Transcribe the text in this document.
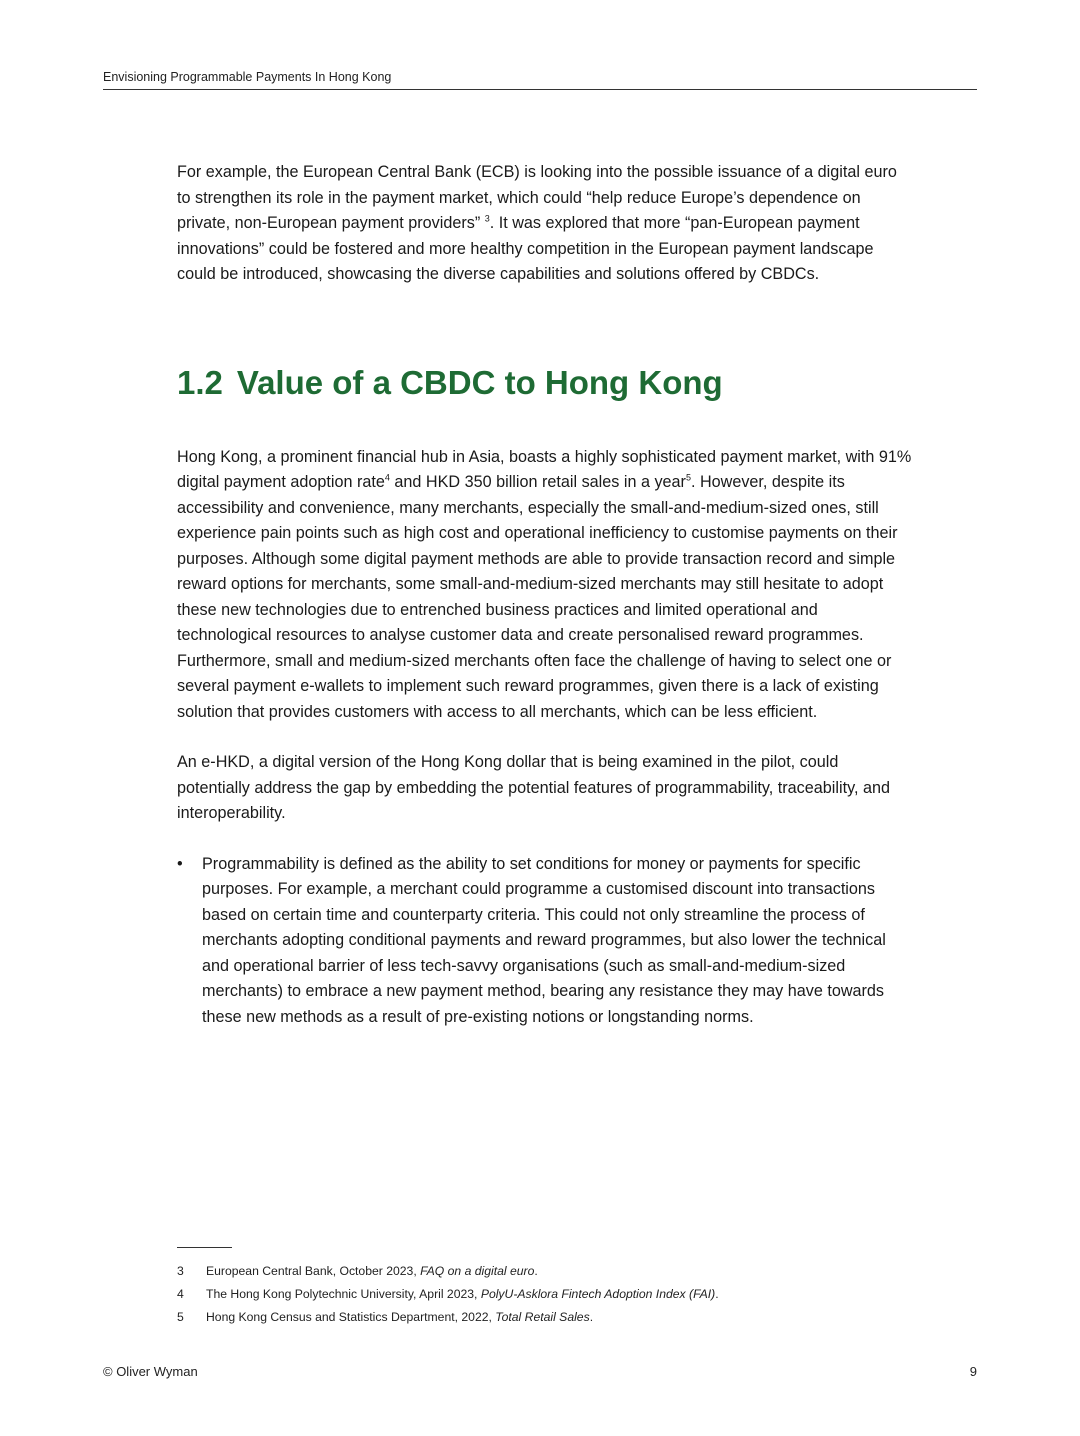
Envisioning Programmable Payments In Hong Kong

For example, the European Central Bank (ECB) is looking into the possible issuance of a digital euro to strengthen its role in the payment market, which could “help reduce Europe’s dependence on private, non-European payment providers” $^3$. It was explored that more “pan-European payment innovations” could be fostered and more healthy competition in the European payment landscape could be introduced, showcasing the diverse capabilities and solutions offered by CBDCs.

1.2 Value of a CBDC to Hong Kong

Hong Kong, a prominent financial hub in Asia, boasts a highly sophisticated payment market, with 91% digital payment adoption rate$^4$ and HKD 350 billion retail sales in a year$^5$. However, despite its accessibility and convenience, many merchants, especially the small-and-medium-sized ones, still experience pain points such as high cost and operational inefficiency to customise payments on their purposes. Although some digital payment methods are able to provide transaction record and simple reward options for merchants, some small-and-medium-sized merchants may still hesitate to adopt these new technologies due to entrenched business practices and limited operational and technological resources to analyse customer data and create personalised reward programmes. Furthermore, small and medium-sized merchants often face the challenge of having to select one or several payment e-wallets to implement such reward programmes, given there is a lack of existing solution that provides customers with access to all merchants, which can be less efficient.

An e-HKD, a digital version of the Hong Kong dollar that is being examined in the pilot, could potentially address the gap by embedding the potential features of programmability, traceability, and interoperability.

• Programmability is defined as the ability to set conditions for money or payments for specific purposes. For example, a merchant could programme a customised discount into transactions based on certain time and counterparty criteria. This could not only streamline the process of merchants adopting conditional payments and reward programmes, but also lower the technical and operational barrier of less tech-savvy organisations (such as small-and-medium-sized merchants) to embrace a new payment method, bearing any resistance they may have towards these new methods as a result of pre-existing notions or longstanding norms.
3	European Central Bank, October 2023, FAQ on a digital euro.
4	The Hong Kong Polytechnic University, April 2023, PolyU-Asklora Fintech Adoption Index (FAI).
5	Hong Kong Census and Statistics Department, 2022, Total Retail Sales.
© Oliver Wyman	9
